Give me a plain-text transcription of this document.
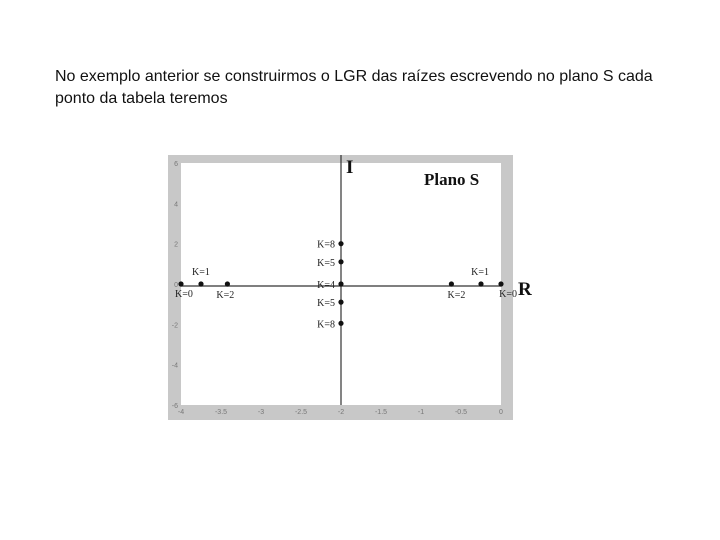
No exemplo anterior se construirmos o LGR das raízes escrevendo no plano S cada ponto da tabela teremos
-4	-3.5	-3	-2.5	-2	-1.5	-1	-0.5	0
6
4
2
0
-2
-4
-6
K=0
K=1
K=2	K=0
K=1
K=2
K=4
K=5
K=5
K=8
K=8
Plano S
I
R
